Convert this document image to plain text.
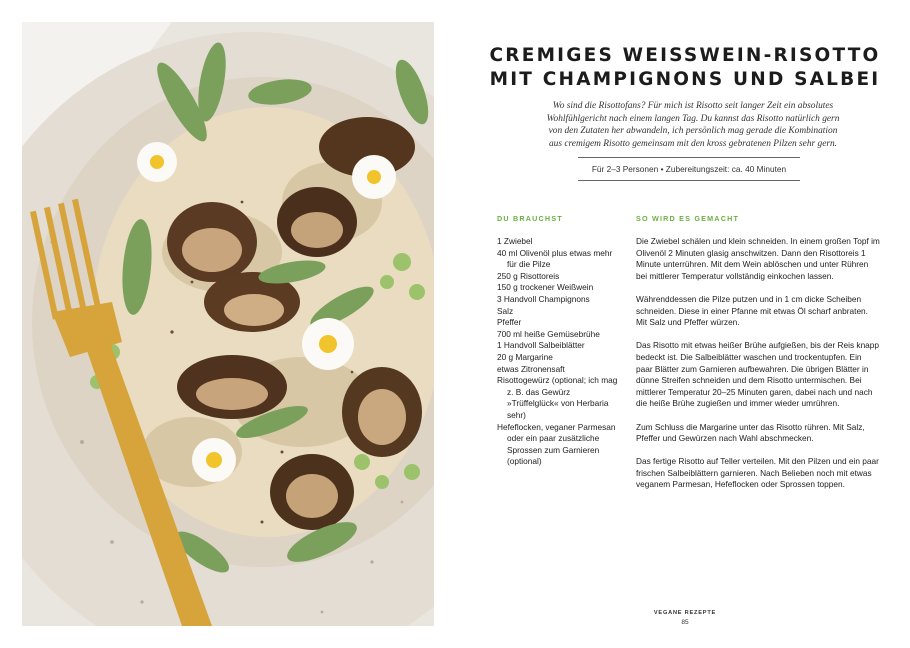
CREMIGES WEISSWEIN-RISOTTO
MIT CHAMPIGNONS UND SALBEI
Wo sind die Risottofans? Für mich ist Risotto seit langer Zeit ein absolutes Wohlfühlgericht nach einem langen Tag. Du kannst das Risotto natürlich gern von den Zutaten her abwandeln, ich persönlich mag gerade die Kombination aus cremigem Risotto gemeinsam mit den kross gebratenen Pilzen sehr gern.
Für 2–3 Personen • Zubereitungszeit: ca. 40 Minuten
DU BRAUCHST	SO WIRD ES GEMACHT
1 Zwiebel
40 ml Olivenöl plus etwas mehr für die Pilze
250 g Risottoreis
150 g trockener Weißwein
3 Handvoll Champignons
Salz
Pfeffer
700 ml heiße Gemüsebrühe
1 Handvoll Salbeiblätter
20 g Margarine
etwas Zitronensaft
Risottogewürz (optional; ich mag z. B. das Gewürz »Trüffelglück« von Herbaria sehr)
Hefeflocken, veganer Parmesan oder ein paar zusätzliche Sprossen zum Garnieren (optional)

Die Zwiebel schälen und klein schneiden. In einem großen Topf im Olivenöl 2 Minuten glasig anschwitzen. Dann den Risottoreis 1 Minute unterrühren. Mit dem Wein ablöschen und unter Rühren bei mittlerer Temperatur vollständig einkochen lassen.

Währenddessen die Pilze putzen und in 1 cm dicke Scheiben schneiden. Diese in einer Pfanne mit etwas Öl scharf anbraten. Mit Salz und Pfeffer würzen.

Das Risotto mit etwas heißer Brühe aufgießen, bis der Reis knapp bedeckt ist. Die Salbeiblätter waschen und trockentupfen. Ein paar Blätter zum Garnieren aufbewahren. Die übrigen Blätter in dünne Streifen schneiden und dem Risotto untermischen. Bei mittlerer Temperatur 20–25 Minuten garen, dabei nach und nach die heiße Brühe zugießen und immer wieder umrühren.

Zum Schluss die Margarine unter das Risotto rühren. Mit Salz, Pfeffer und Gewürzen nach Wahl abschmecken.

Das fertige Risotto auf Teller verteilen. Mit den Pilzen und ein paar frischen Salbeiblättern garnieren. Nach Belieben noch mit etwas veganem Parmesan, Hefeflocken oder Sprossen toppen.

VEGANE REZEPTE
85
